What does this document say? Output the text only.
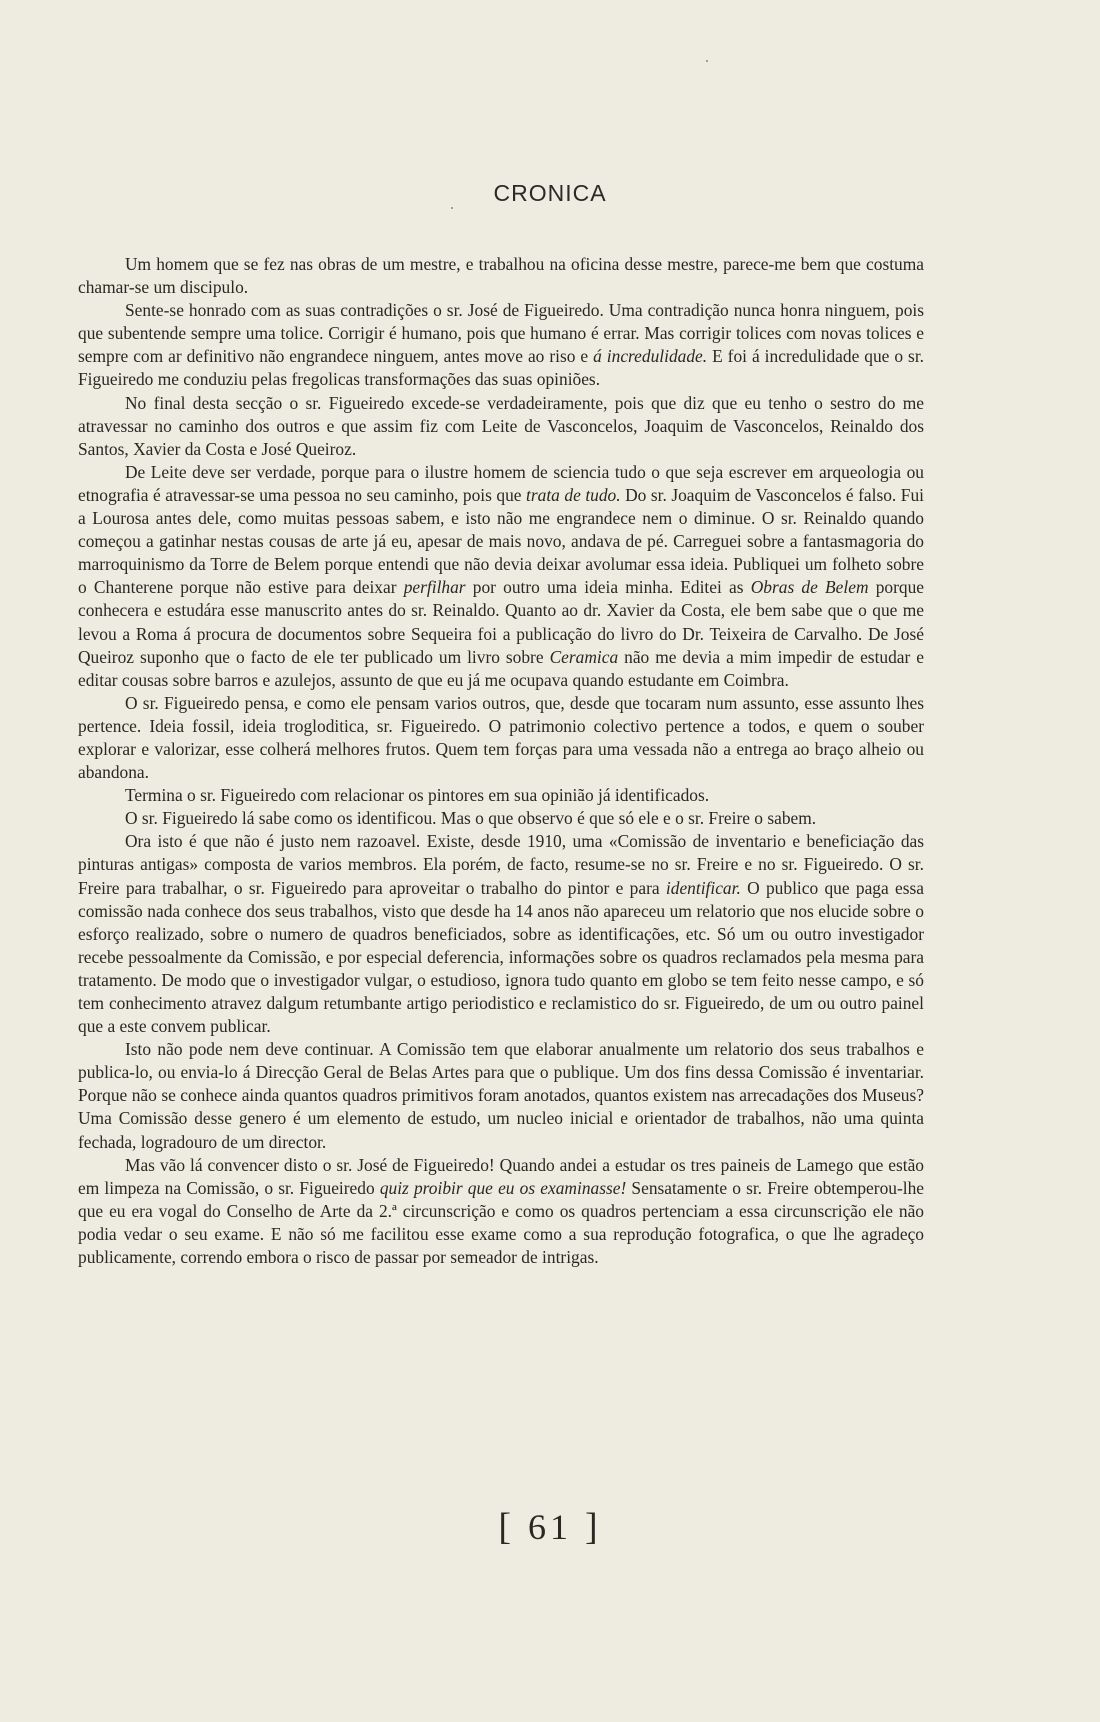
CRONICA

Um homem que se fez nas obras de um mestre, e trabalhou na oficina desse mestre, parece-me bem que costuma chamar-se um discipulo.

Sente-se honrado com as suas contradições o sr. José de Figueiredo. Uma contradição nunca honra ninguem, pois que subentende sempre uma tolice. Corrigir é humano, pois que humano é errar. Mas corrigir tolices com novas tolices e sempre com ar definitivo não engrandece ninguem, antes move ao riso e á incredulidade. E foi á incredulidade que o sr. Figueiredo me conduziu pelas fregolicas transformações das suas opiniões.

No final desta secção o sr. Figueiredo excede-se verdadeiramente, pois que diz que eu tenho o sestro do me atravessar no caminho dos outros e que assim fiz com Leite de Vasconcelos, Joaquim de Vasconcelos, Reinaldo dos Santos, Xavier da Costa e José Queiroz.

De Leite deve ser verdade, porque para o ilustre homem de sciencia tudo o que seja escrever em arqueologia ou etnografia é atravessar-se uma pessoa no seu caminho, pois que trata de tudo. Do sr. Joaquim de Vasconcelos é falso. Fui a Lourosa antes dele, como muitas pessoas sabem, e isto não me engrandece nem o diminue. O sr. Reinaldo quando começou a gatinhar nestas cousas de arte já eu, apesar de mais novo, andava de pé. Carreguei sobre a fantasmagoria do marroquinismo da Torre de Belem porque entendi que não devia deixar avolumar essa ideia. Publiquei um folheto sobre o Chanterene porque não estive para deixar perfilhar por outro uma ideia minha. Editei as Obras de Belem porque conhecera e estudára esse manuscrito antes do sr. Reinaldo. Quanto ao dr. Xavier da Costa, ele bem sabe que o que me levou a Roma á procura de documentos sobre Sequeira foi a publicação do livro do Dr. Teixeira de Carvalho. De José Queiroz suponho que o facto de ele ter publicado um livro sobre Ceramica não me devia a mim impedir de estudar e editar cousas sobre barros e azulejos, assunto de que eu já me ocupava quando estudante em Coimbra.

O sr. Figueiredo pensa, e como ele pensam varios outros, que, desde que tocaram num assunto, esse assunto lhes pertence. Ideia fossil, ideia trogloditica, sr. Figueiredo. O patrimonio colectivo pertence a todos, e quem o souber explorar e valorizar, esse colherá melhores frutos. Quem tem forças para uma vessada não a entrega ao braço alheio ou abandona.

Termina o sr. Figueiredo com relacionar os pintores em sua opinião já identificados.

O sr. Figueiredo lá sabe como os identificou. Mas o que observo é que só ele e o sr. Freire o sabem.

Ora isto é que não é justo nem razoavel. Existe, desde 1910, uma «Comissão de inventario e beneficiação das pinturas antigas» composta de varios membros. Ela porém, de facto, resume-se no sr. Freire e no sr. Figueiredo. O sr. Freire para trabalhar, o sr. Figueiredo para aproveitar o trabalho do pintor e para identificar. O publico que paga essa comissão nada conhece dos seus trabalhos, visto que desde ha 14 anos não apareceu um relatorio que nos elucide sobre o esforço realizado, sobre o numero de quadros beneficiados, sobre as identificações, etc. Só um ou outro investigador recebe pessoalmente da Comissão, e por especial deferencia, informações sobre os quadros reclamados pela mesma para tratamento. De modo que o investigador vulgar, o estudioso, ignora tudo quanto em globo se tem feito nesse campo, e só tem conhecimento atravez dalgum retumbante artigo periodistico e reclamistico do sr. Figueiredo, de um ou outro painel que a este convem publicar.

Isto não pode nem deve continuar. A Comissão tem que elaborar anualmente um relatorio dos seus trabalhos e publica-lo, ou envia-lo á Direcção Geral de Belas Artes para que o publique. Um dos fins dessa Comissão é inventariar. Porque não se conhece ainda quantos quadros primitivos foram anotados, quantos existem nas arrecadações dos Museus? Uma Comissão desse genero é um elemento de estudo, um nucleo inicial e orientador de trabalhos, não uma quinta fechada, logradouro de um director.

Mas vão lá convencer disto o sr. José de Figueiredo! Quando andei a estudar os tres paineis de Lamego que estão em limpeza na Comissão, o sr. Figueiredo quiz proibir que eu os examinasse! Sensatamente o sr. Freire obtemperou-lhe que eu era vogal do Conselho de Arte da 2.ª circunscrição e como os quadros pertenciam a essa circunscrição ele não podia vedar o seu exame. E não só me facilitou esse exame como a sua reprodução fotografica, o que lhe agradeço publicamente, correndo embora o risco de passar por semeador de intrigas.

[ 61 ]
